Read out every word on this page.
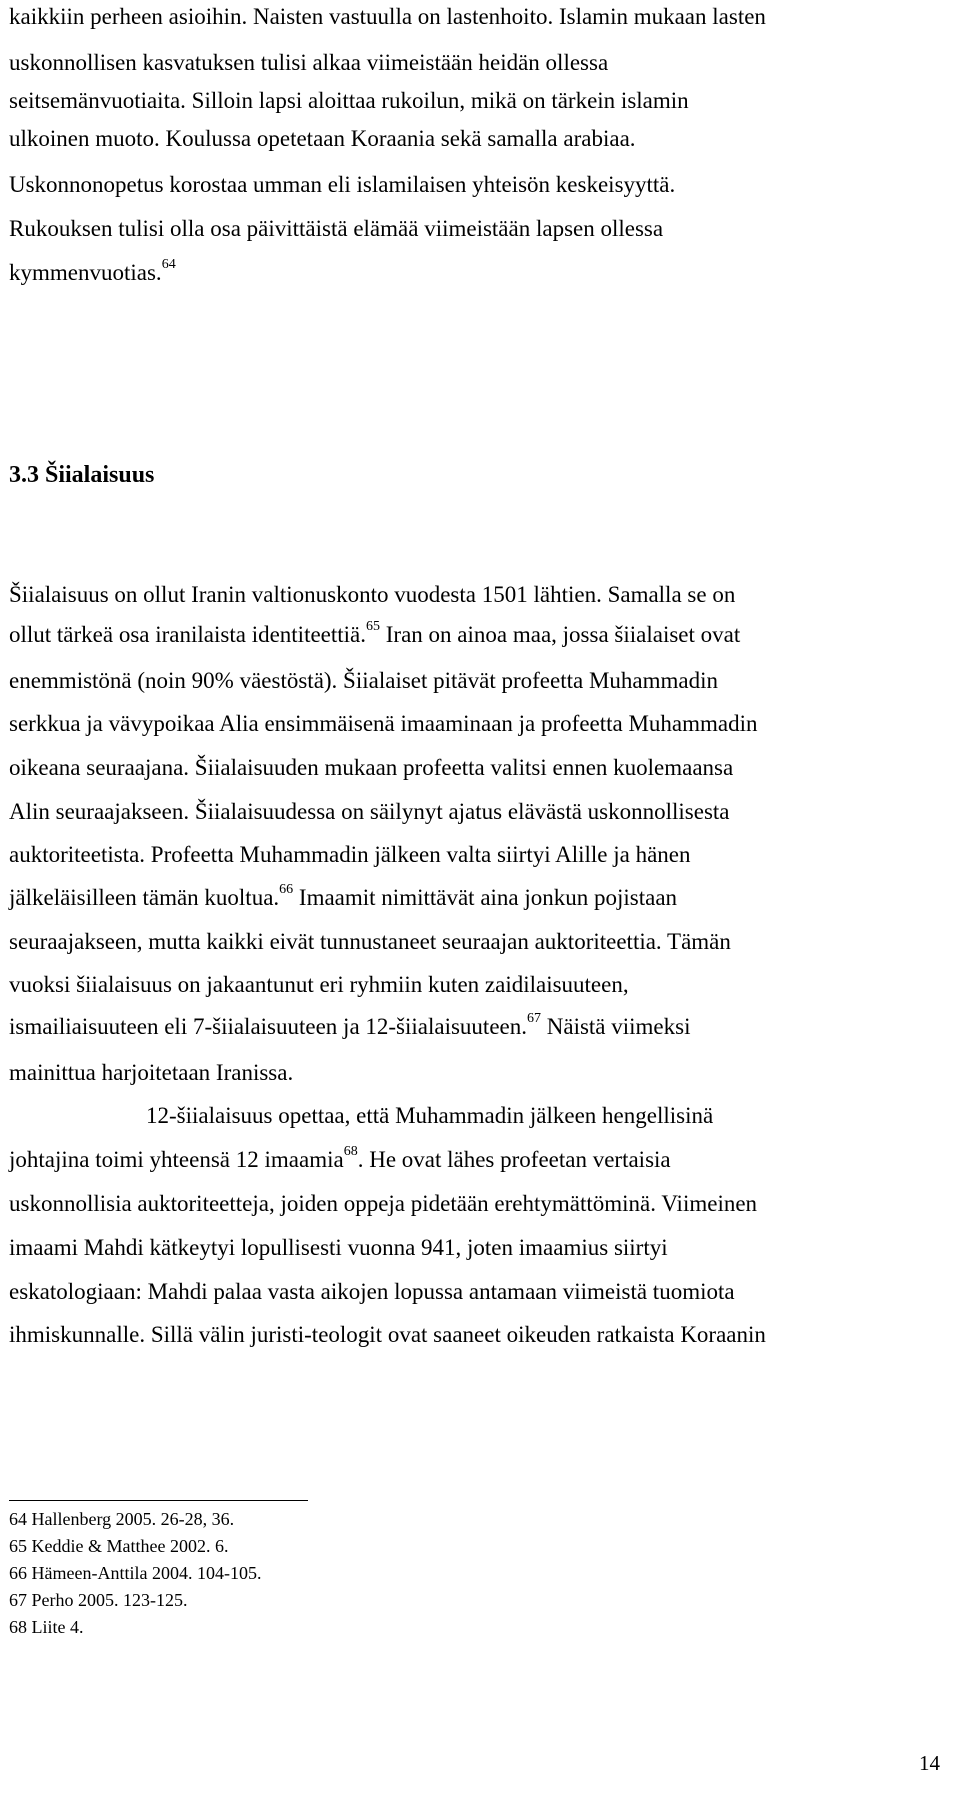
kaikkiin perheen asioihin. Naisten vastuulla on lastenhoito. Islamin mukaan lasten
uskonnollisen kasvatuksen tulisi alkaa viimeistään heidän ollessa
seitsemänvuotiaita. Silloin lapsi aloittaa rukoilun, mikä on tärkein islamin
ulkoinen muoto. Koulussa opetetaan Koraania sekä samalla arabiaa.
Uskonnonopetus korostaa umman eli islamilaisen yhteisön keskeisyyttä.
Rukouksen tulisi olla osa päivittäistä elämää viimeistään lapsen ollessa
kymmenvuotias.$^{64}$
3.3 Šiialaisuus
Šiialaisuus on ollut Iranin valtionuskonto vuodesta 1501 lähtien. Samalla se on
ollut tärkeä osa iranilaista identiteettiä.$^{65}$ Iran on ainoa maa, jossa šiialaiset ovat
enemmistönä (noin 90% väestöstä). Šiialaiset pitävät profeetta Muhammadin
serkkua ja vävypoikaa Alia ensimmäisenä imaaminaan ja profeetta Muhammadin
oikeana seuraajana. Šiialaisuuden mukaan profeetta valitsi ennen kuolemaansa
Alin seuraajakseen. Šiialaisuudessa on säilynyt ajatus elävästä uskonnollisesta
auktoriteetista. Profeetta Muhammadin jälkeen valta siirtyi Alille ja hänen
jälkeläisilleen tämän kuoltua.$^{66}$ Imaamit nimittävät aina jonkun pojistaan
seuraajakseen, mutta kaikki eivät tunnustaneet seuraajan auktoriteettia. Tämän
vuoksi šiialaisuus on jakaantunut eri ryhmiin kuten zaidilaisuuteen,
ismailiaisuuteen eli 7-šiialaisuuteen ja 12-šiialaisuuteen.$^{67}$ Näistä viimeksi
mainittua harjoitetaan Iranissa.
12-šiialaisuus opettaa, että Muhammadin jälkeen hengellisinä
johtajina toimi yhteensä 12 imaamia$^{68}$. He ovat lähes profeetan vertaisia
uskonnollisia auktoriteetteja, joiden oppeja pidetään erehtymättöminä. Viimeinen
imaami Mahdi kätkeytyi lopullisesti vuonna 941, joten imaamius siirtyi
eskatologiaan: Mahdi palaa vasta aikojen lopussa antamaan viimeistä tuomiota
ihmiskunnalle. Sillä välin juristi-teologit ovat saaneet oikeuden ratkaista Koraanin
64 Hallenberg 2005. 26-28, 36.
65 Keddie & Matthee 2002. 6.
66 Hämeen-Anttila 2004. 104-105.
67 Perho 2005. 123-125.
68 Liite 4.
14
